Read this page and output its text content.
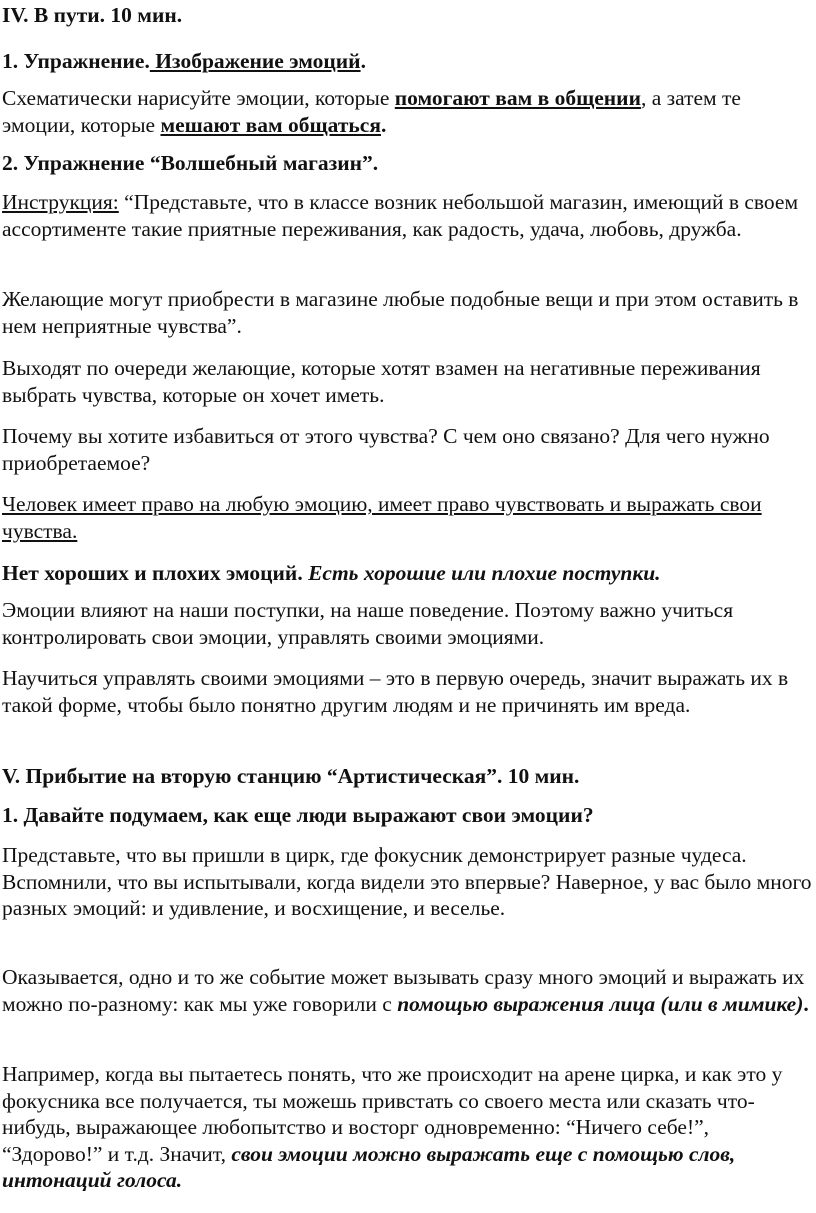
IV. В пути. 10 мин.

1. Упражнение. Изображение эмоций.

Схематически нарисуйте эмоции, которые помогают вам в общении, а затем те эмоции, которые мешают вам общаться.

2. Упражнение “Волшебный магазин”.

Инструкция: “Представьте, что в классе возник небольшой магазин, имеющий в своем ассортименте такие приятные переживания, как радость, удача, любовь, дружба.

Желающие могут приобрести в магазине любые подобные вещи и при этом оставить в нем неприятные чувства”.

Выходят по очереди желающие, которые хотят взамен на негативные переживания выбрать чувства, которые он хочет иметь.

Почему вы хотите избавиться от этого чувства? С чем оно связано? Для чего нужно приобретаемое?

Человек имеет право на любую эмоцию, имеет право чувствовать и выражать свои чувства.

Нет хороших и плохих эмоций. Есть хорошие или плохие поступки.

Эмоции влияют на наши поступки, на наше поведение. Поэтому важно учиться контролировать свои эмоции, управлять своими эмоциями.

Научиться управлять своими эмоциями – это в первую очередь, значит выражать их в такой форме, чтобы было понятно другим людям и не причинять им вреда.

V. Прибытие на вторую станцию “Артистическая”. 10 мин.

1. Давайте подумаем, как еще люди выражают свои эмоции?

Представьте, что вы пришли в цирк, где фокусник демонстрирует разные чудеса. Вспомнили, что вы испытывали, когда видели это впервые? Наверное, у вас было много разных эмоций: и удивление, и восхищение, и веселье.

Оказывается, одно и то же событие может вызывать сразу много эмоций и выражать их можно по-разному: как мы уже говорили с помощью выражения лица (или в мимике).

Например, когда вы пытаетесь понять, что же происходит на арене цирка, и как это у фокусника все получается, ты можешь привстать со своего места или сказать что-нибудь, выражающее любопытство и восторг одновременно: “Ничего себе!”, “Здорово!” и т.д. Значит, свои эмоции можно выражать еще с помощью слов, интонаций голоса.
